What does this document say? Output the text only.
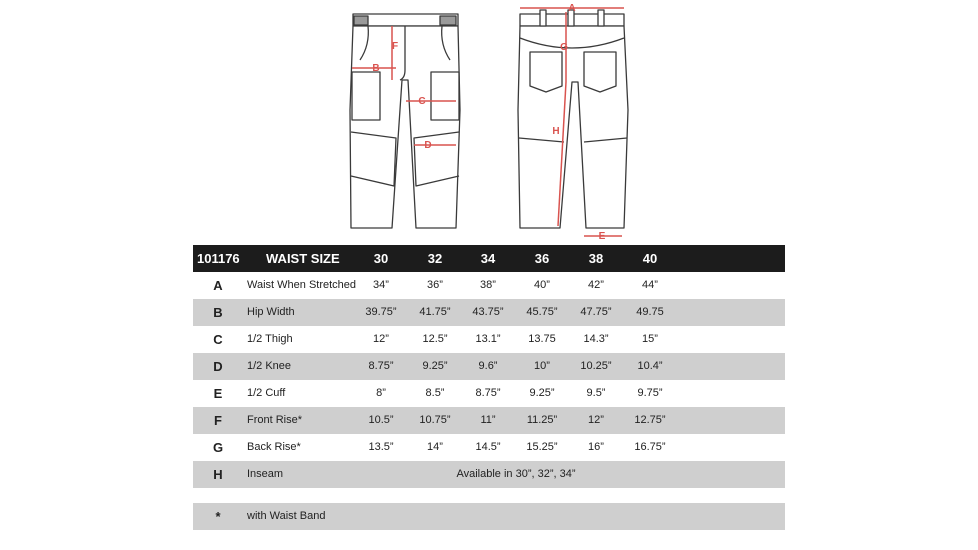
F
B
C
D
A
G
H
E
101176 WAIST SIZE	30	32	34	36	38	40
A	Waist When Stretched	34”	36”	38”	40”	42”	44”
B	Hip Width	39.75”	41.75”	43.75”	45.75”	47.75”	49.75
C	1/2 Thigh	12”	12.5”	13.1”	13.75	14.3”	15”
D	1/2 Knee	8.75”	9.25”	9.6”	10”	10.25”	10.4”
E	1/2 Cuff	8”	8.5”	8.75”	9.25”	9.5”	9.75”
F	Front Rise*	10.5”	10.75”	11”	11.25”	12”	12.75”
G	Back Rise*	13.5”	14”	14.5”	15.25”	16”	16.75”
H	Inseam	Available in 30”, 32”, 34”
*	with Waist Band
